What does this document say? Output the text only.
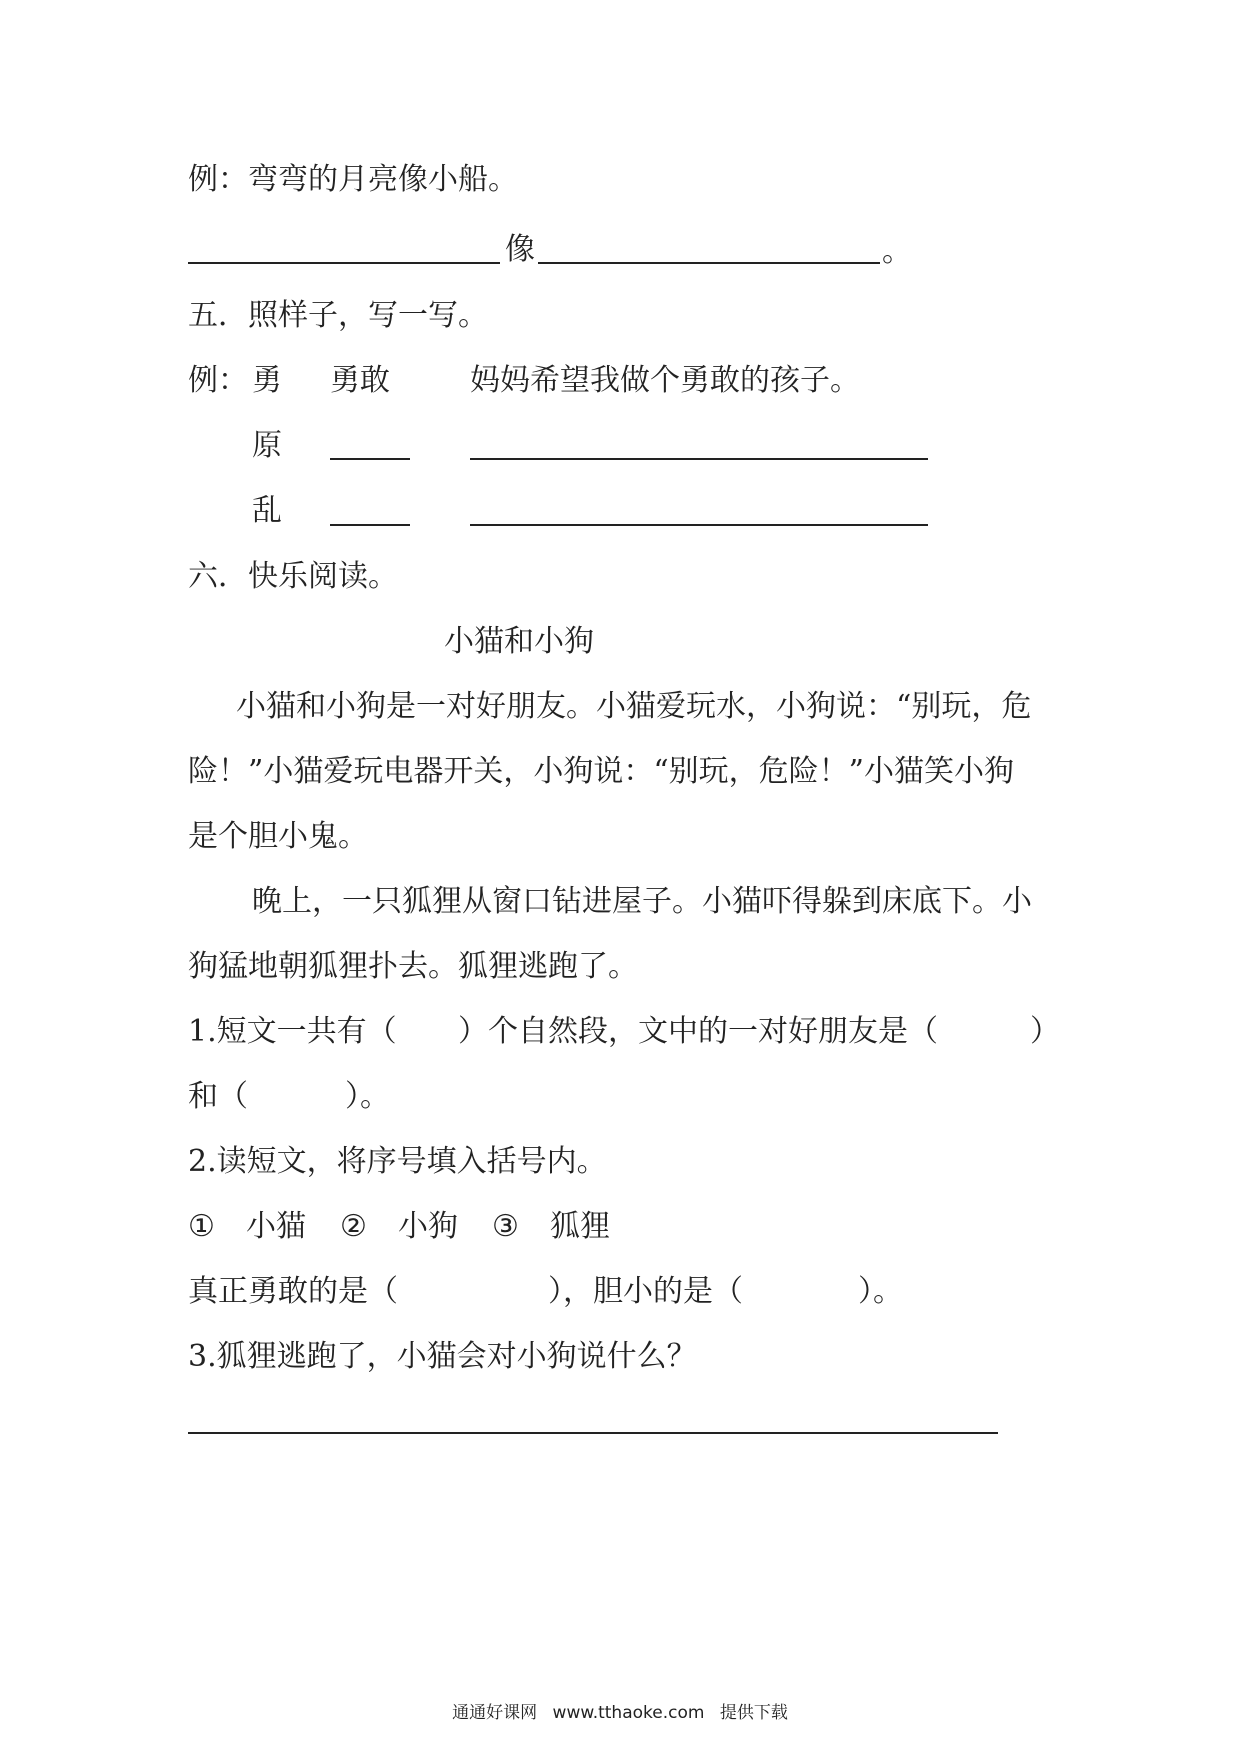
例：弯弯的月亮像小船。
像	。
五．照样子，写一写。
例： 勇 勇敢	妈妈希望我做个勇敢的孩子。
原
乱
六．快乐阅读。
小猫和小狗
小猫和小狗是一对好朋友。小猫爱玩水，小狗说：“别玩，危
险！”小猫爱玩电器开关，小狗说：“别玩，危险！”小猫笑小狗
是个胆小鬼。
晚上，一只狐狸从窗口钻进屋子。小猫吓得躲到床底下。小
狗猛地朝狐狸扑去。狐狸逃跑了。
1.短文一共有（ ）个自然段，文中的一对好朋友是（	）
和（	）。
2.读短文，将序号填入括号内。
① 小猫 ② 小狗 ③ 狐狸
真正勇敢的是（	），胆小的是（	）。
3.狐狸逃跑了，小猫会对小狗说什么？
通通好课网 www.tthaoke.com 提供下载
